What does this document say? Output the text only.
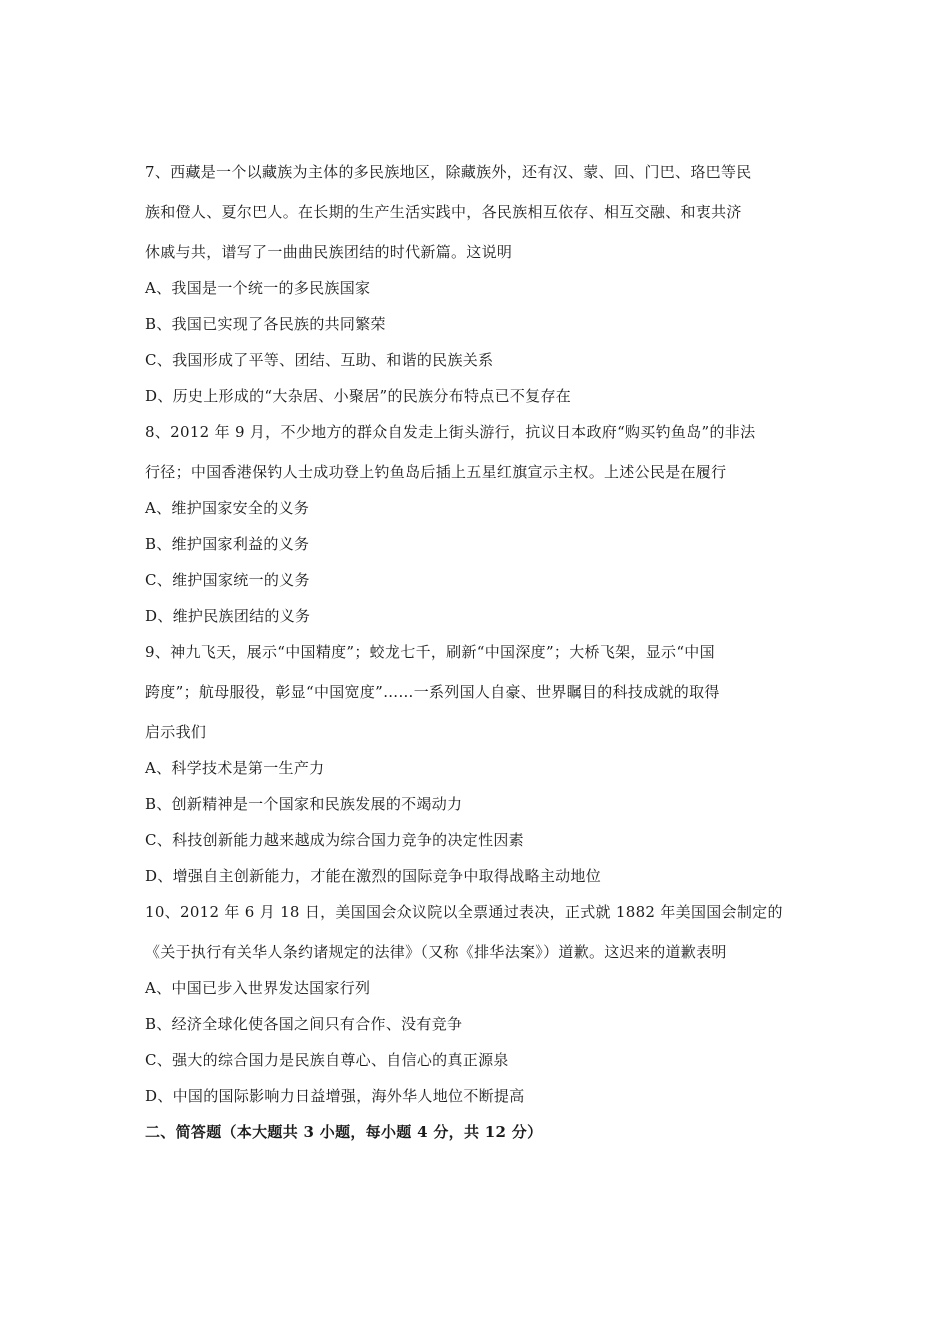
7、西藏是一个以藏族为主体的多民族地区，除藏族外，还有汉、蒙、回、门巴、珞巴等民
族和僜人、夏尔巴人。在长期的生产生活实践中，各民族相互依存、相互交融、和衷共济
休戚与共，谱写了一曲曲民族团结的时代新篇。这说明
A、我国是一个统一的多民族国家
B、我国已实现了各民族的共同繁荣
C、我国形成了平等、团结、互助、和谐的民族关系
D、历史上形成的“大杂居、小聚居”的民族分布特点已不复存在
8、2012 年 9 月，不少地方的群众自发走上街头游行，抗议日本政府“购买钓鱼岛”的非法
行径；中国香港保钓人士成功登上钓鱼岛后插上五星红旗宣示主权。上述公民是在履行
A、维护国家安全的义务
B、维护国家利益的义务
C、维护国家统一的义务
D、维护民族团结的义务
9、神九飞天，展示“中国精度”；蛟龙七千，刷新“中国深度”；大桥飞架，显示“中国
跨度”；航母服役，彰显“中国宽度”……一系列国人自豪、世界瞩目的科技成就的取得
启示我们
A、科学技术是第一生产力
B、创新精神是一个国家和民族发展的不竭动力
C、科技创新能力越来越成为综合国力竞争的决定性因素
D、增强自主创新能力，才能在激烈的国际竞争中取得战略主动地位
10、2012 年 6 月 18 日，美国国会众议院以全票通过表决，正式就 1882 年美国国会制定的
《关于执行有关华人条约诸规定的法律》（又称《排华法案》）道歉。这迟来的道歉表明
A、中国已步入世界发达国家行列
B、经济全球化使各国之间只有合作、没有竞争
C、强大的综合国力是民族自尊心、自信心的真正源泉
D、中国的国际影响力日益增强，海外华人地位不断提高
二、简答题（本大题共 3 小题，每小题 4 分，共 12 分）
